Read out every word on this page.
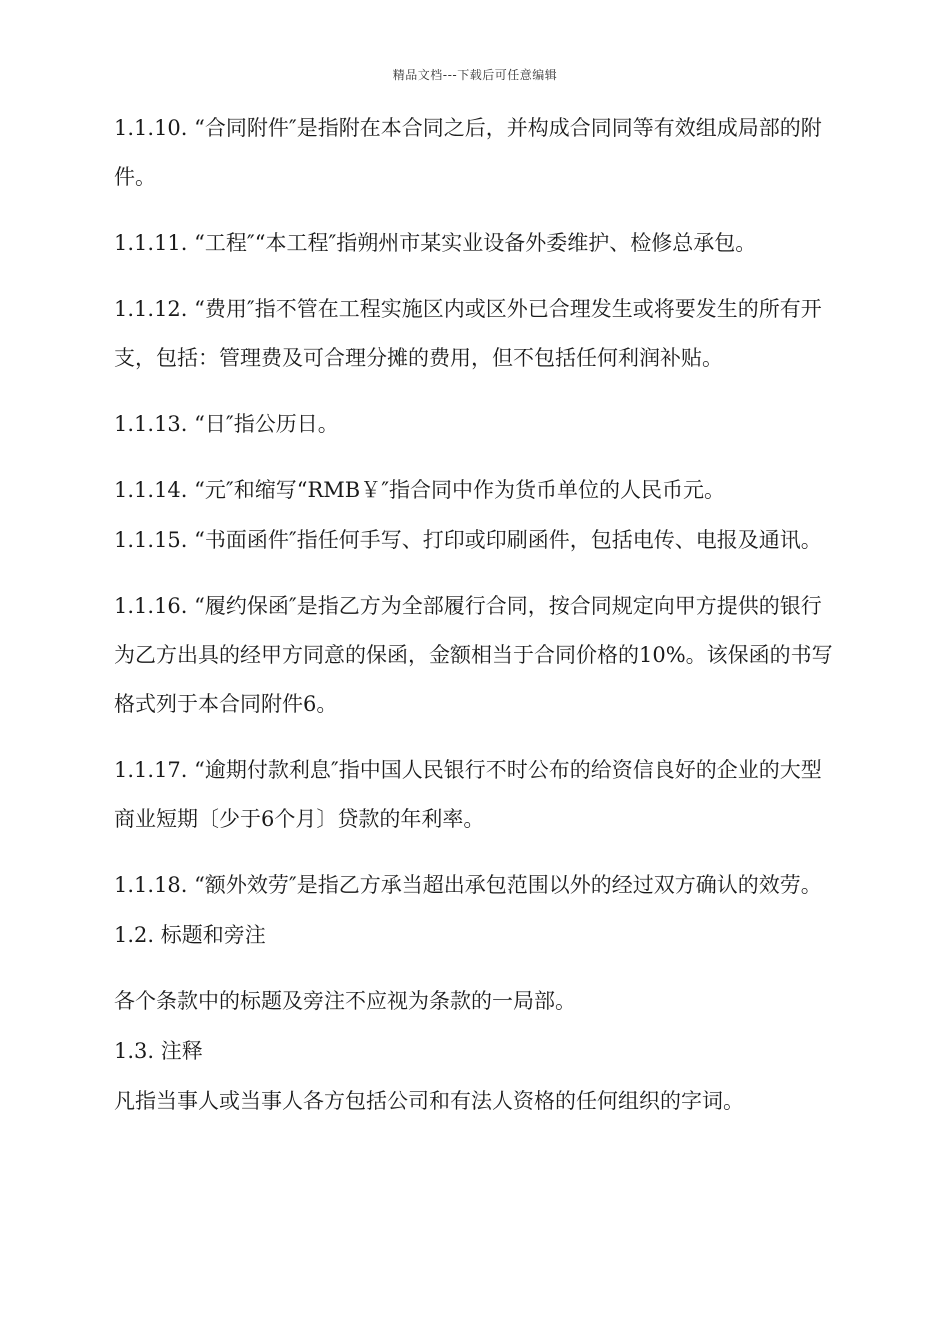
精品文档---下载后可任意编辑

1.1.10. “合同附件″是指附在本合同之后，并构成合同同等有效组成局部的附件。

1.1.11. “工程″“本工程″指朔州市某实业设备外委维护、检修总承包。

1.1.12. “费用″指不管在工程实施区内或区外已合理发生或将要发生的所有开支，包括：管理费及可合理分摊的费用，但不包括任何利润补贴。

1.1.13. “日″指公历日。

1.1.14. “元″和缩写“RMB￥″指合同中作为货币单位的人民币元。

1.1.15. “书面函件″指任何手写、打印或印刷函件，包括电传、电报及通讯。

1.1.16. “履约保函″是指乙方为全部履行合同，按合同规定向甲方提供的银行为乙方出具的经甲方同意的保函，金额相当于合同价格的10%。该保函的书写格式列于本合同附件6。

1.1.17. “逾期付款利息″指中国人民银行不时公布的给资信良好的企业的大型商业短期〔少于6个月〕贷款的年利率。

1.1.18. “额外效劳″是指乙方承当超出承包范围以外的经过双方确认的效劳。

1.2. 标题和旁注

各个条款中的标题及旁注不应视为条款的一局部。

1.3. 注释

凡指当事人或当事人各方包括公司和有法人资格的任何组织的字词。
